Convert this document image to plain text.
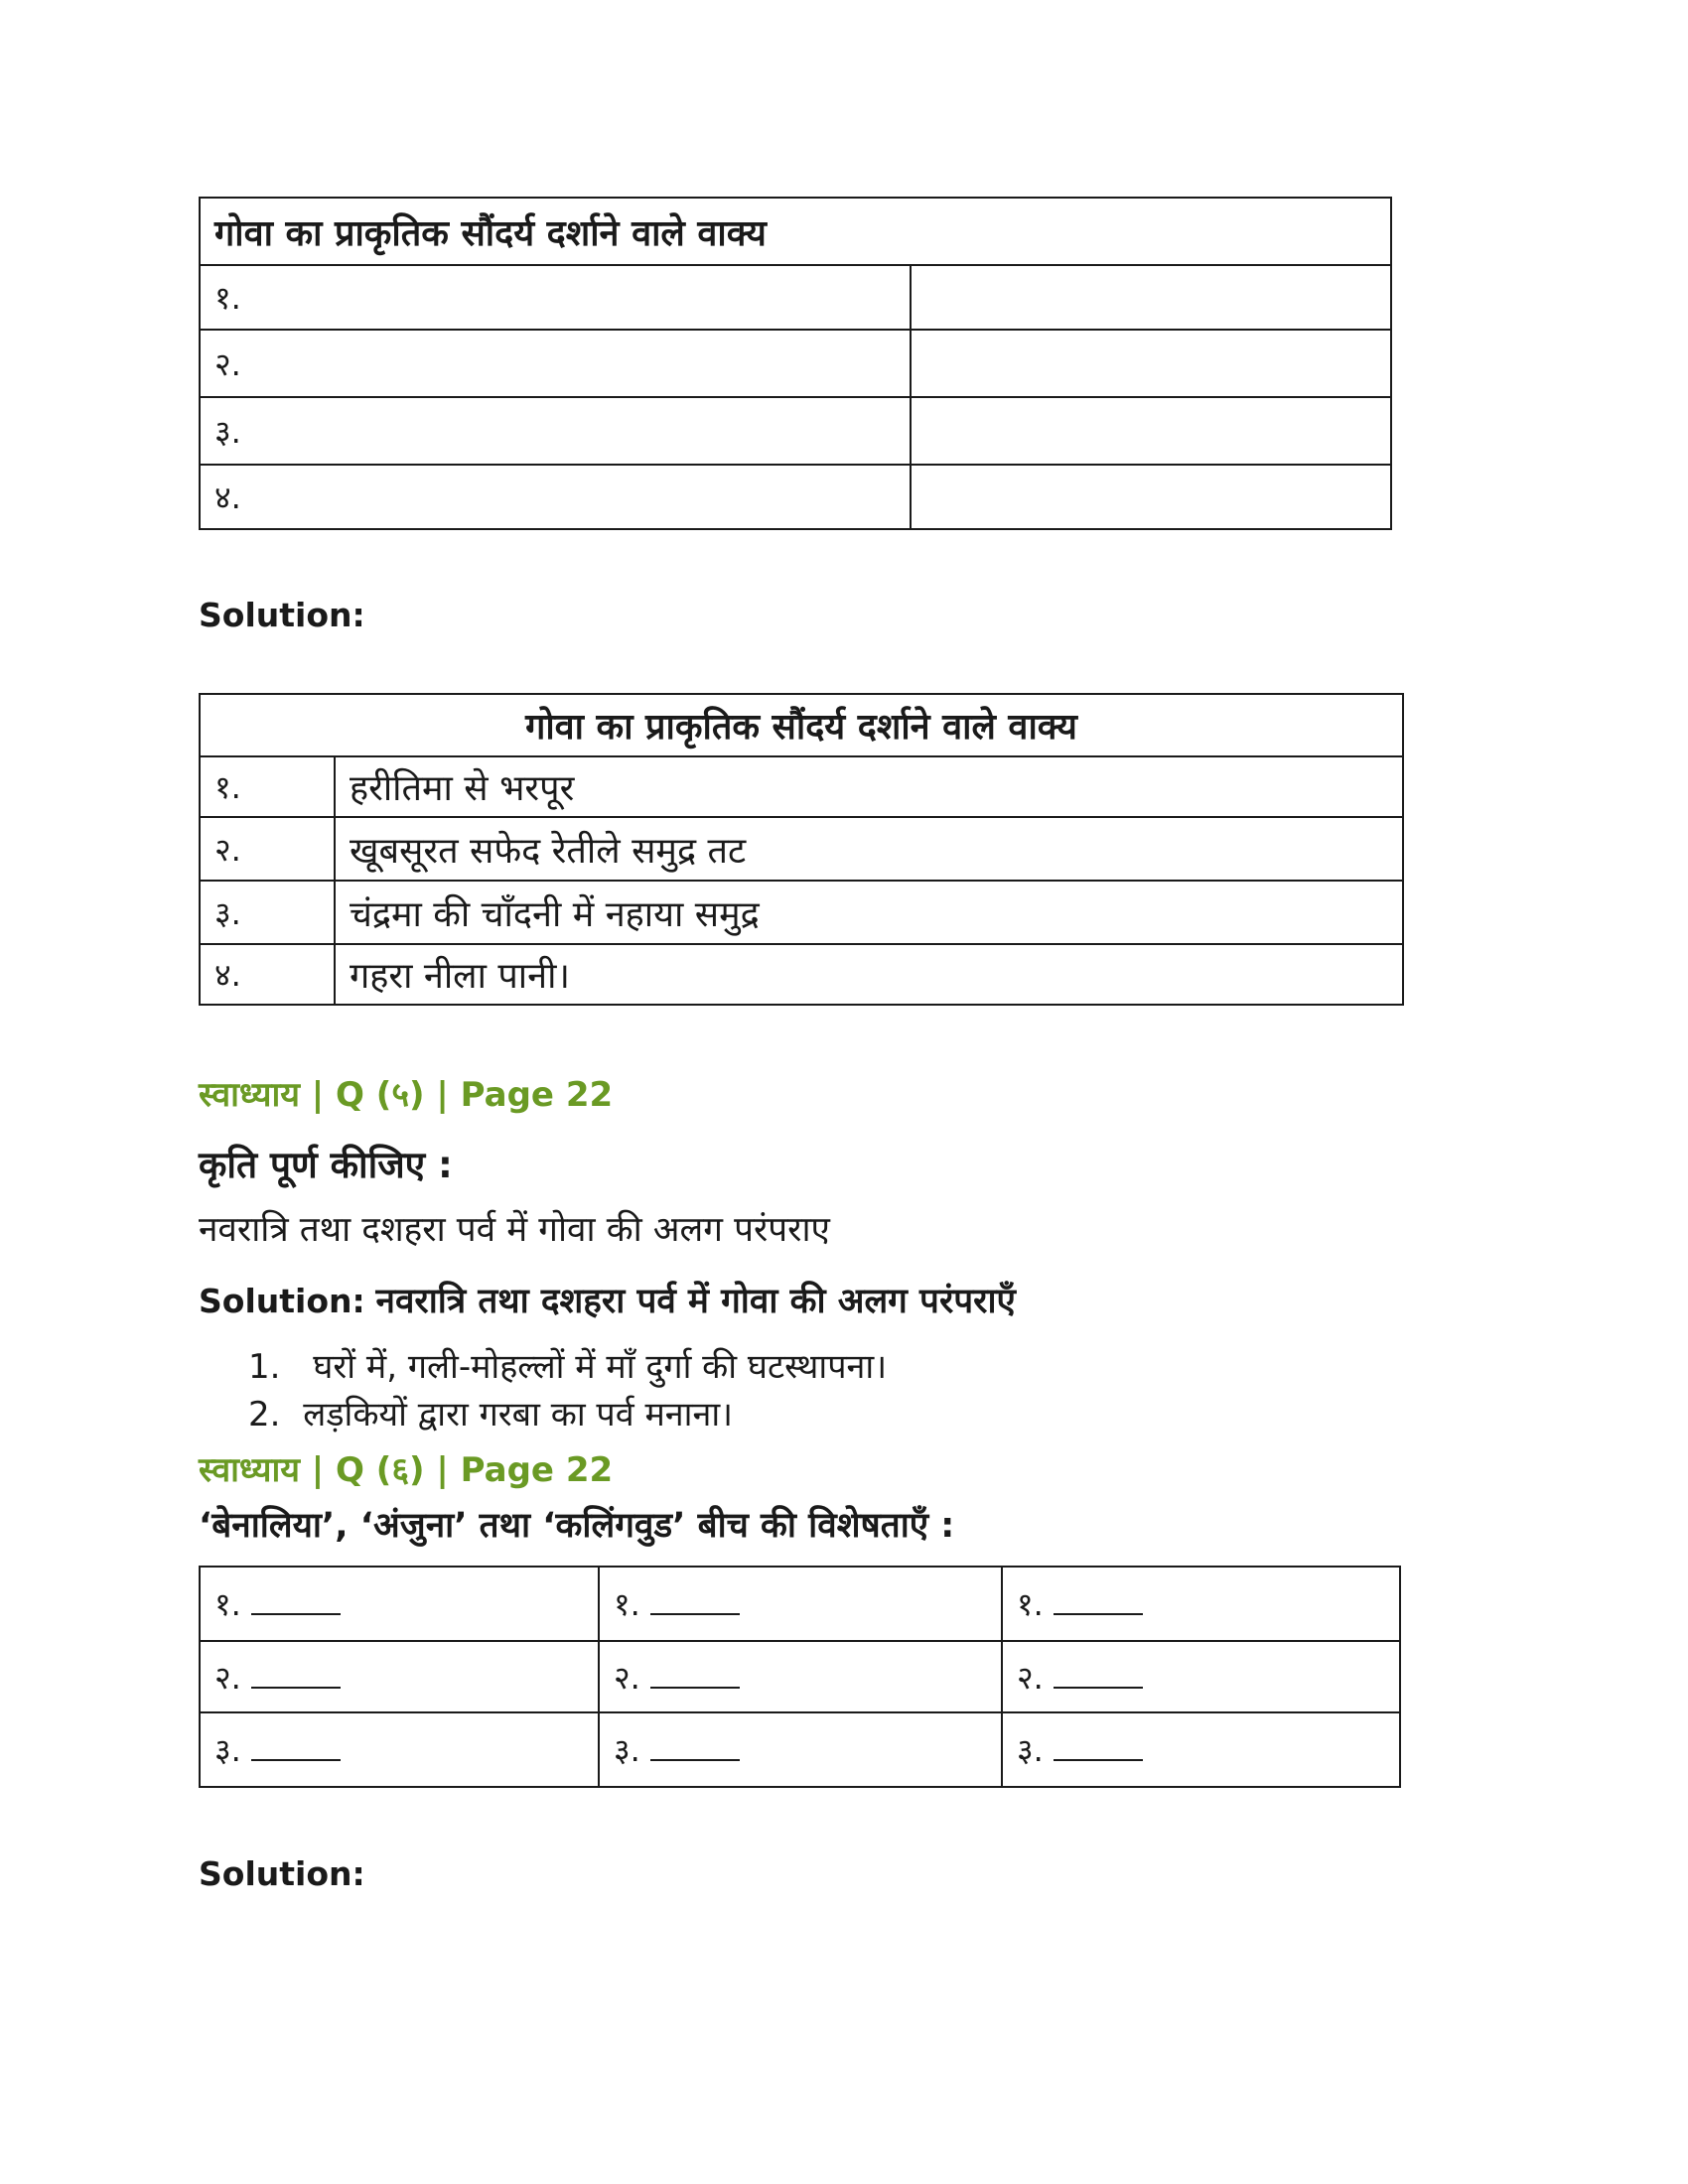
गोवा का प्राकृतिक सौंदर्य दर्शाने वाले वाक्य	
१.	
२.	
३.	
४.	
Solution:
गोवा का प्राकृतिक सौंदर्य दर्शाने वाले वाक्य	
१.	हरीतिमा से भरपूर
२.	खूबसूरत सफेद रेतीले समुद्र तट
३.	चंद्रमा की चाँदनी में नहाया समुद्र
४.	गहरा नीला पानी।
स्वाध्याय | Q (५) | Page 22
कृति पूर्ण कीजिए :
नवरात्रि तथा दशहरा पर्व में गोवा की अलग परंपराए
Solution: नवरात्रि तथा दशहरा पर्व में गोवा की अलग परंपराएँ
1. घरों में, गली-मोहल्लों में माँ दुर्गा की घटस्थापना।
2. लड़कियों द्वारा गरबा का पर्व मनाना।
स्वाध्याय | Q (६) | Page 22
‘बेनालिया’, ‘अंजुना’ तथा ‘कलिंगवुड’ बीच की विशेषताएँ :
१.	१.	१.
२.	२.	२.
३.	३.	३.
Solution:
